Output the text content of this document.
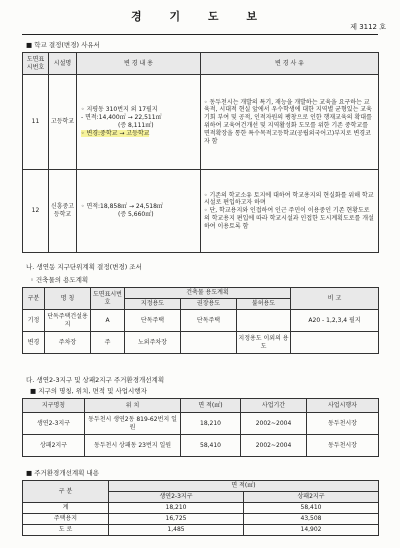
경 기 도 보
제 3112 호
■ 학교 결정(변경) 사유서
도면표시번호	시설명	변 경 내 용	변 경 사 유
11	고등학교	◦ 지평동 310번지 외 17필지
- 면적:14,400㎡ → 22,511㎡
(증 8,111㎡)
◦ 변경:중학교 → 고등학교	◦ 동두천시는 개발의 특기, 재능을 개발하는 교육을 요구하는 교육적, 시대적 현실 앞에서 우수학생에 대한 지역별 균형있는 교육기회 부여 및 공적, 인적자원의 팽창으로 인한 행재교육의 확대를 위하여 교육여건개선 및 지역활성화 도모를 위한 기존 중학교를 면적확장을 통한 특수목적고등학교(공립외국어고)부지로 변경코자 함
12	신흥중고등학교	◦ 면적:18,858㎡ → 24,518㎡
(증 5,660㎡)	◦ 기존의 학교소유 토지에 대하여 학교용지의 현실화를 위해 학교시설로 편입하고자 하며
◦ 단, 학교용지와 인접하여 인근 주민이 이용중인 기존 현황도로의 학교용지 편입에 따라 학교시설과 인접한 도시계획도로를 개설하여 이용토록 함
나. 생연동 지구단위계획 결정(변경) 조서
◦ 건축물의 용도계획
구분	명 칭	도면표시번호	건축물 용도계획			비 고
			지정용도	권장용도	불허용도	
기정	단독주택건설용지	A	단독주택	단독주택		A20 - 1,2,3,4 필지
변경	주차장	주	노외주차장		지정용도 이외의 용도	
다. 생연2-3지구 및 상패2지구 주거환경개선계획
■ 지구의 명칭, 위치, 면적 및 사업시행자
지구명칭	위 치	면 적(㎡)	사업기간	사업시행자
생연2-3지구	동두천시 생연2동 819-62번지 일원	18,210	2002~2004	동두천시장
상패2지구	동두천시 상패동 23번지 일원	58,410	2002~2004	동두천시장
■ 주거환경개선계획 내용
구 분	면 적(㎡)	
	생연2-3지구	상패2지구
계	18,210	58,410
주택용지	16,725	43,508
도 로	1,485	14,902
